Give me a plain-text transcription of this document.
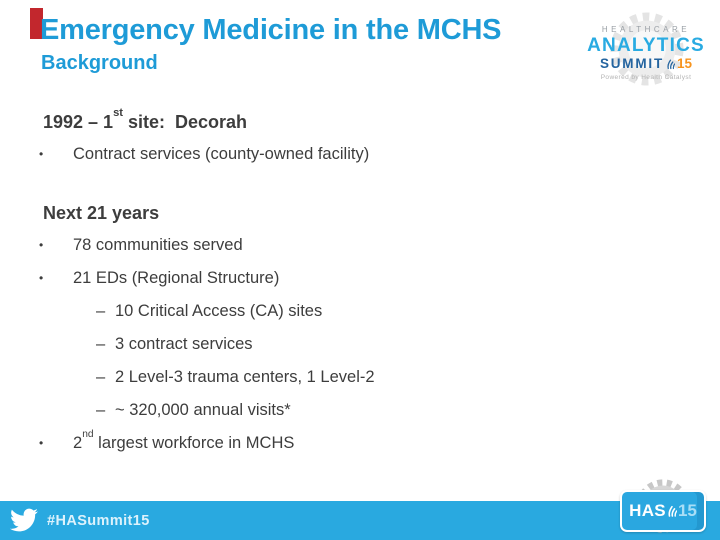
Emergency Medicine in the MCHS
Background
HEALTHCARE
ANALYTICS
SUMMIT 15
Powered by Health Catalyst
1992 – 1st site:  Decorah
•	Contract services (county-owned facility)
Next 21 years
•	78 communities served
•	21 EDs (Regional Structure)
– 10 Critical Access (CA) sites
– 3 contract services
– 2 Level-3 trauma centers, 1 Level-2
– ~ 320,000 annual visits*
•	2nd largest workforce in MCHS
#HASummit15
HAS 15
